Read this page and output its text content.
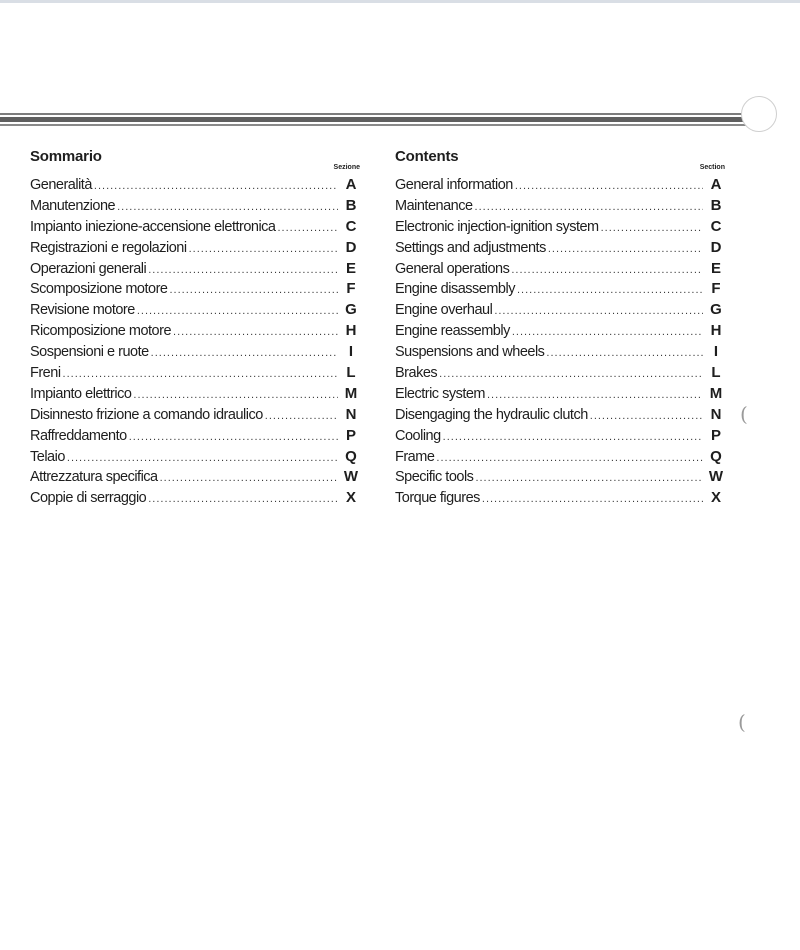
(
(
Sommario
Sezione
Generalità .....	A
Manutenzione .....	B
Impianto iniezione-accensione elettronica .....	C
Registrazioni e regolazioni .....	D
Operazioni generali .....	E
Scomposizione motore .....	F
Revisione motore .....	G
Ricomposizione motore .....	H
Sospensioni e ruote .....	I
Freni .....	L
Impianto elettrico .....	M
Disinnesto frizione a comando idraulico .....	N
Raffreddamento .....	P
Telaio .....	Q
Attrezzatura specifica .....	W
Coppie di serraggio .....	X
Contents
Section
General information .....	A
Maintenance .....	B
Electronic injection-ignition system .....	C
Settings and adjustments .....	D
General operations .....	E
Engine disassembly .....	F
Engine overhaul .....	G
Engine reassembly .....	H
Suspensions and wheels .....	I
Brakes .....	L
Electric system .....	M
Disengaging the hydraulic clutch .....	N
Cooling .....	P
Frame .....	Q
Specific tools .....	W
Torque figures .....	X
